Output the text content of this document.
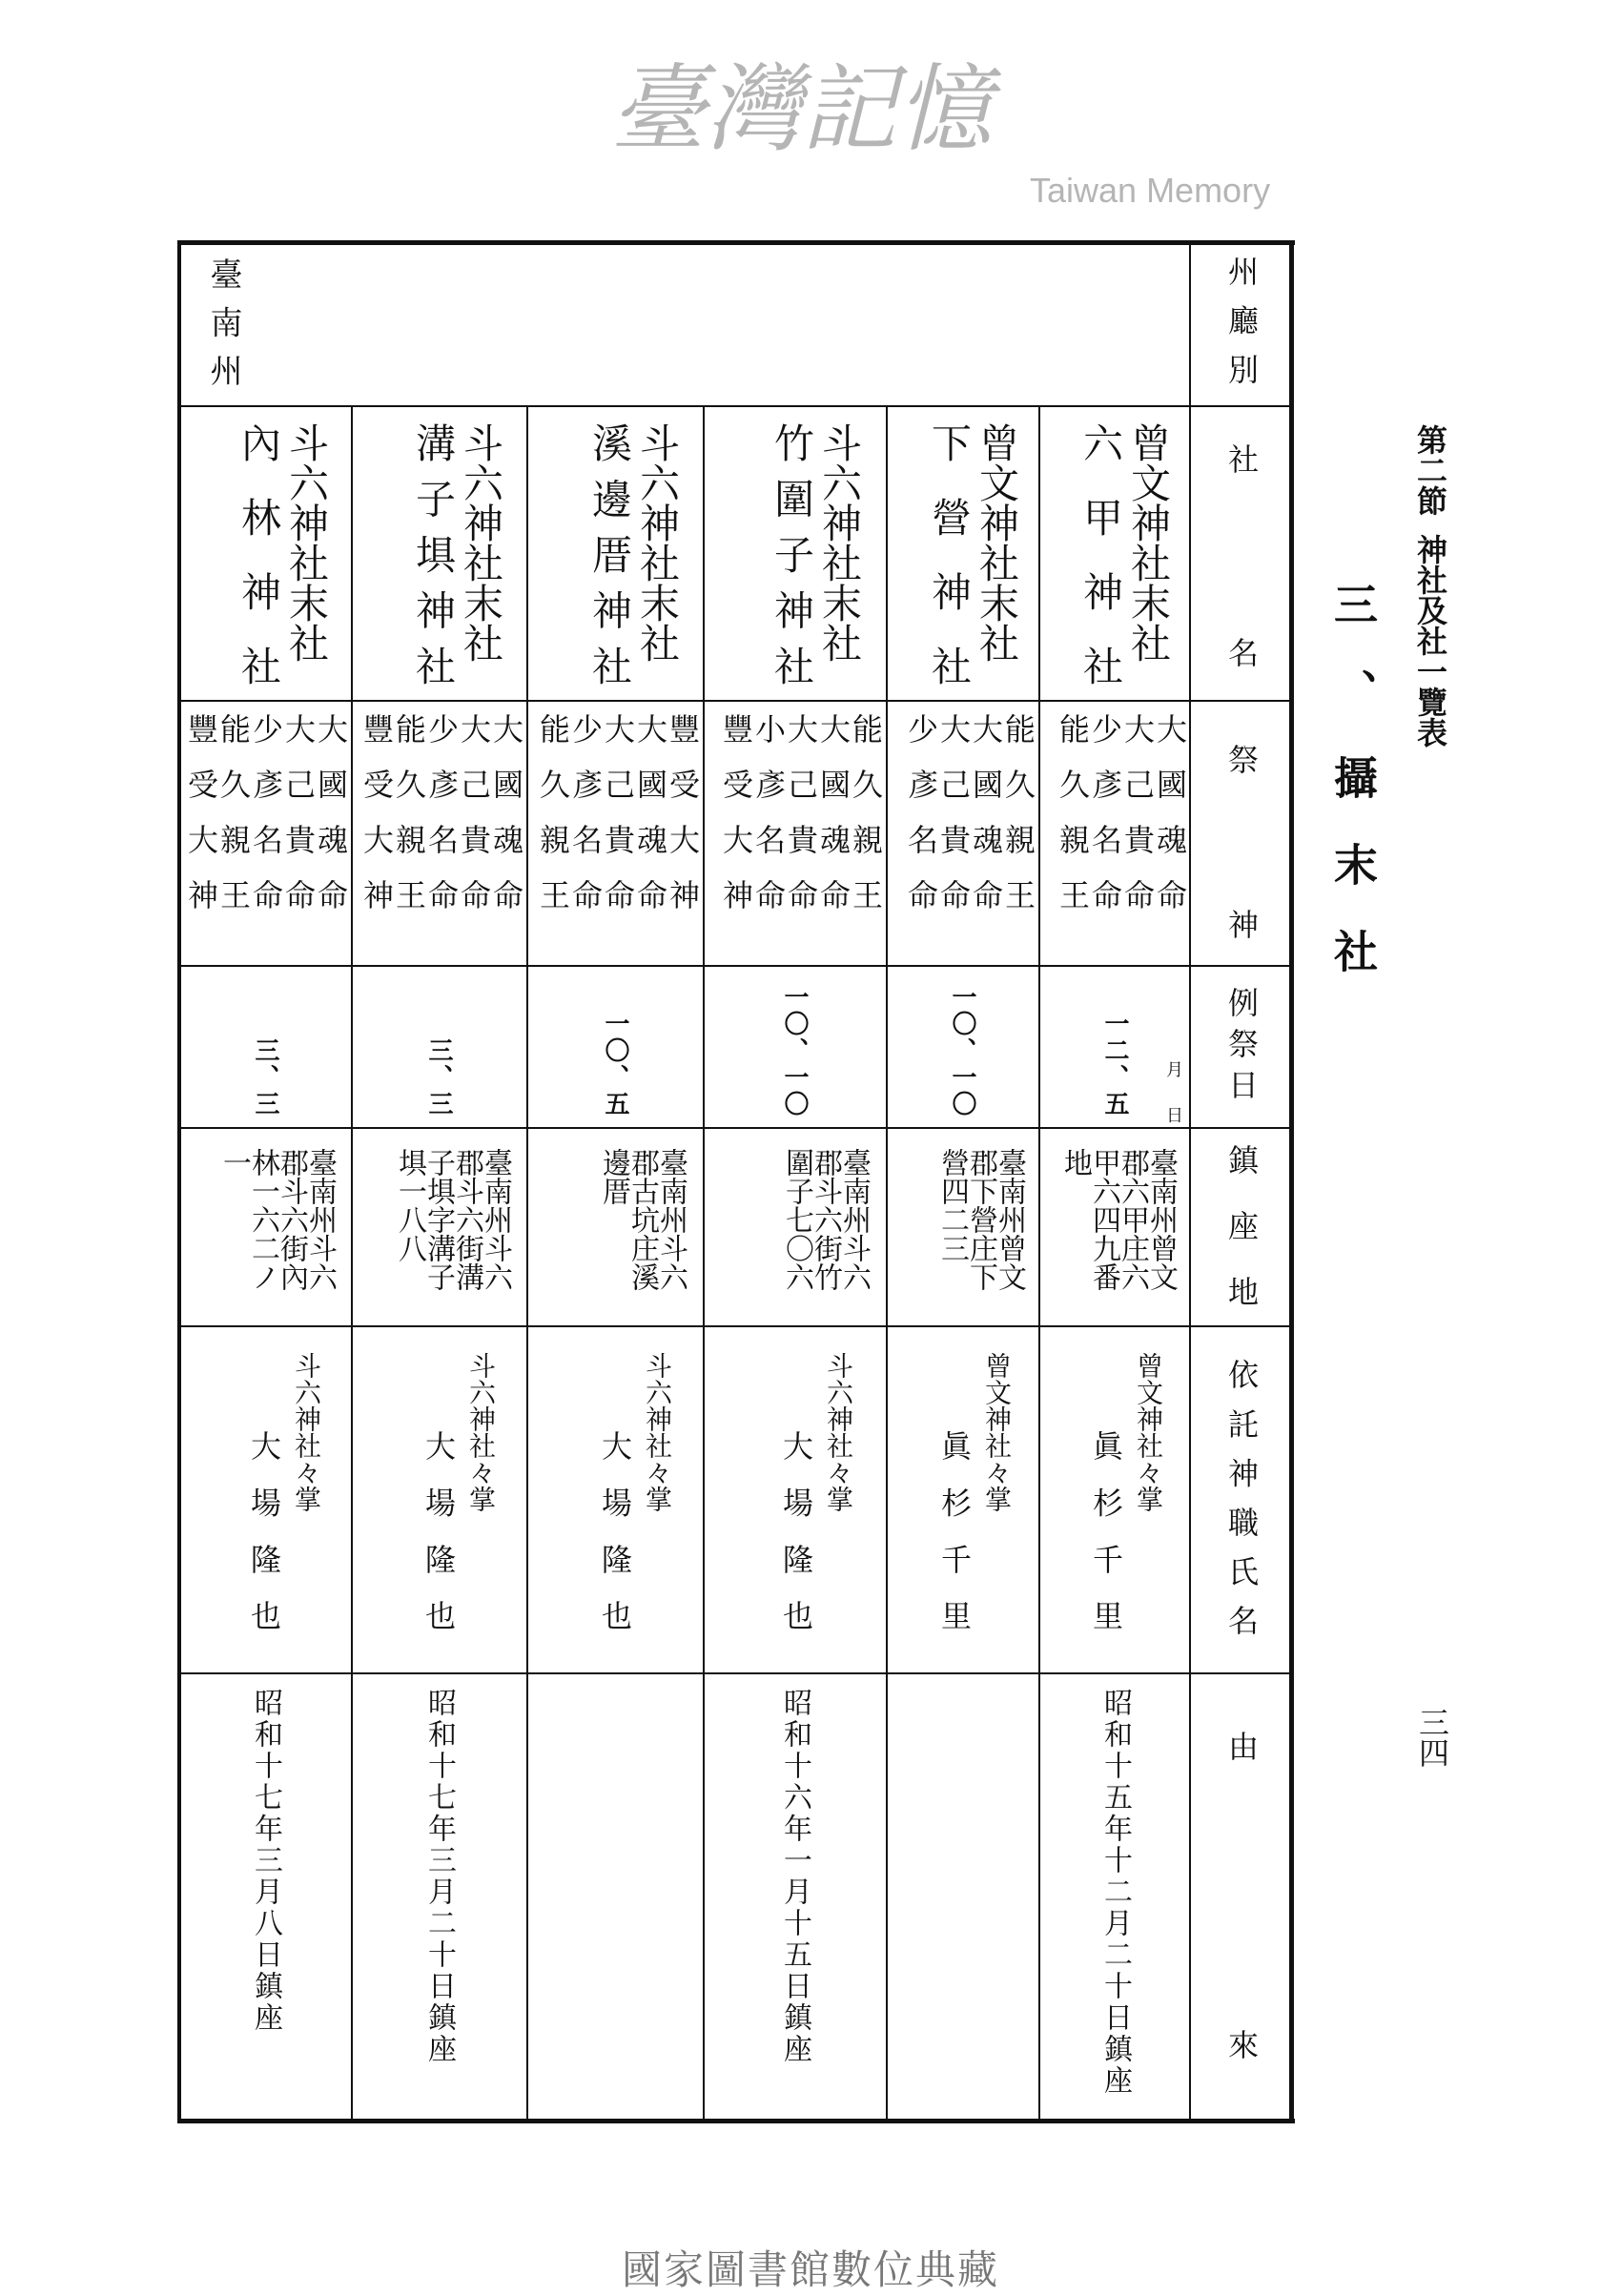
州廳別
社名
祭神
例祭日
鎮座地
依託神職氏名
由來
臺南州
曾文神社末社
六甲神社
大國魂命
大己貴命
少彥名命
能久親王
一二、五
臺南州曾文郡六甲庄六甲六四九番地
曾文神社々掌
眞杉千里
昭和十五年十二月二十日鎮座
曾文神社末社
下營神社
能久親王
大國魂命
大己貴命
少彥名命
一〇、一〇
臺南州曾文郡下營庄下營四二三
曾文神社々掌
眞杉千里
斗六神社末社
竹圍子神社
能久親王
大國魂命
大己貴命
小彥名命
豐受大神
一〇、一〇
臺南州斗六郡斗六街竹圍子七〇六
斗六神社々掌
大場隆也
昭和十六年一月十五日鎮座
斗六神社末社
溪邊厝神社
豐受大神
大國魂命
大己貴命
少彥名命
能久親王
一〇、五
臺南州斗六郡古坑庄溪邊厝
斗六神社々掌
大場隆也
斗六神社末社
溝子埧神社
大國魂命
大己貴命
少彥名命
能久親王
豐受大神
三、三
臺南州斗六郡斗六街溝子埧字溝子埧一八八
斗六神社々掌
大場隆也
昭和十七年三月二十日鎮座
斗六神社末社
內林神社
大國魂命
大己貴命
少彥名命
能久親王
豐受大神
三、三
臺南州斗六郡斗六街內林一六二ノ一
斗六神社々掌
大場隆也
昭和十七年三月八日鎮座
月日
第二節
神社及社一覽表
三、攝末社
三四
臺灣記憶
Taiwan Memory
國家圖書館數位典藏
